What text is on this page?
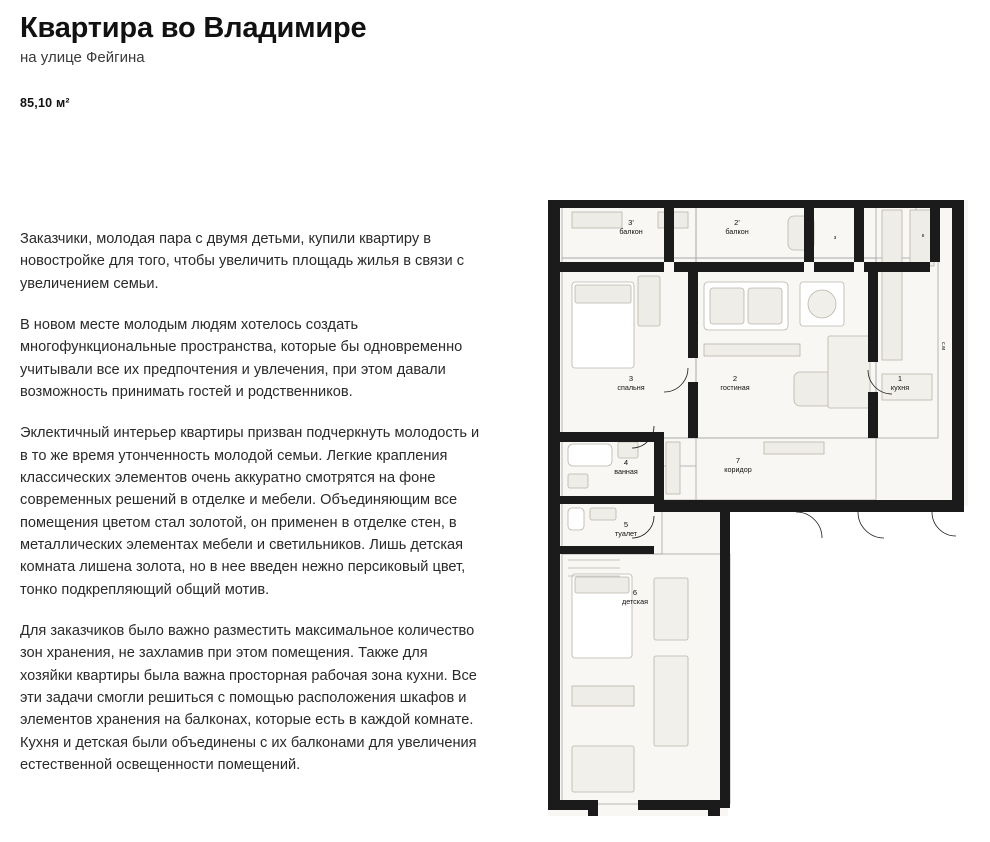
Квартира во Владимире
на улице Фейгина
85,10 м²

Заказчики, молодая пара с двумя детьми, купили квартиру в новостройке для того, чтобы увеличить площадь жилья в связи с увеличением семьи.

В новом месте молодым людям хотелось создать многофункциональные пространства, которые бы одновременно учитывали все их предпочтения и увлечения, при этом давали возможность принимать гостей и родственников.

Эклектичный интерьер квартиры призван подчеркнуть молодость и в то же время утонченность молодой семьи. Легкие крапления классических элементов очень аккуратно смотрятся на фоне современных решений в отделке и мебели. Объединяющим все помещения цветом стал золотой, он применен в отделке стен, в металлических элементах мебели и светильников. Лишь детская комната лишена золота, но в нее введен нежно персиковый цвет, тонко подкрепляющий общий мотив.

Для заказчиков было важно разместить максимальное количество зон хранения, не захламив при этом помещения. Также для хозяйки квартиры была важна просторная рабочая зона кухни. Все эти задачи смогли решиться с помощью расположения шкафов и элементов хранения на балконах, которые есть в каждой комнате. Кухня и детская были объединены с их балконами для увеличения естественной освещенности помещений.

3'
балкон
2'
балкон
1
кухня
2
гостиная
3
спальня
4
ванная
5
туалет
6
детская
7
коридор
з	к
с.м
